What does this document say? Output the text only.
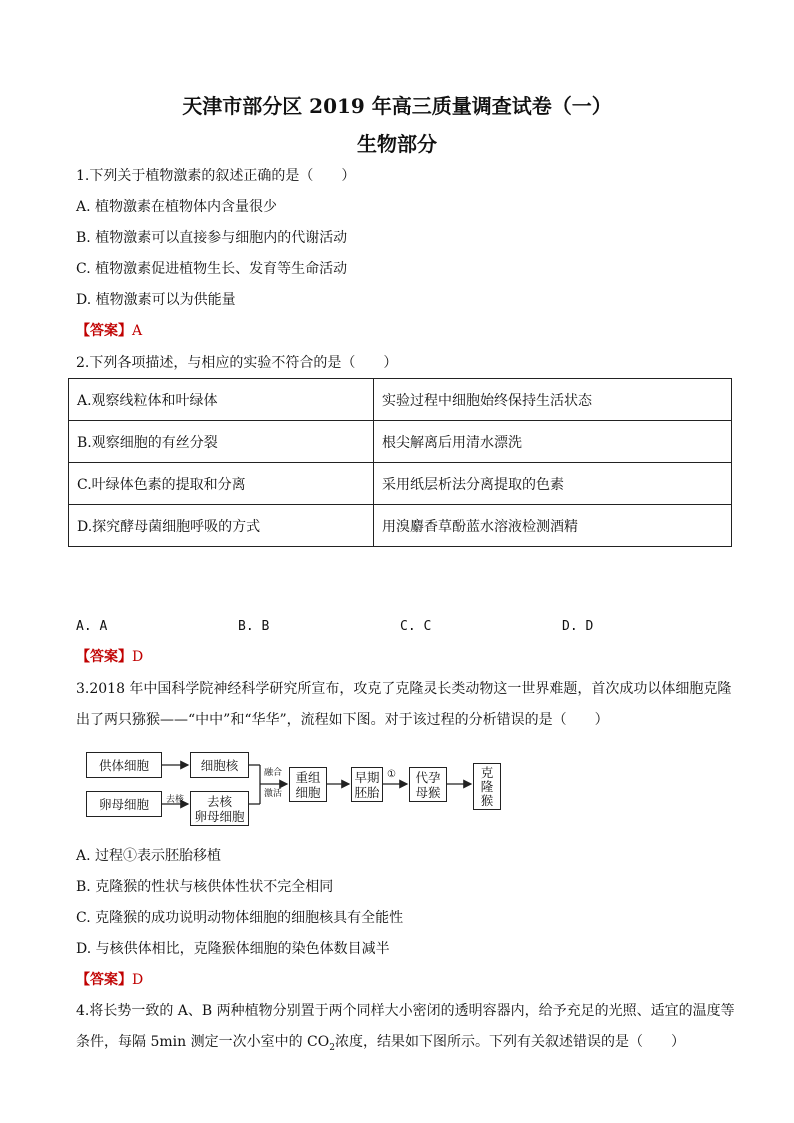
天津市部分区 2019 年高三质量调查试卷（一）
生物部分
1.下列关于植物激素的叙述正确的是（　　）
A. 植物激素在植物体内含量很少
B. 植物激素可以直接参与细胞内的代谢活动
C. 植物激素促进植物生长、发育等生命活动
D. 植物激素可以为供能量
【答案】A
2.下列各项描述，与相应的实验不符合的是（　　）
A.观察线粒体和叶绿体	实验过程中细胞始终保持生活状态
B.观察细胞的有丝分裂	根尖解离后用清水漂洗
C.叶绿体色素的提取和分离	采用纸层析法分离提取的色素
D.探究酵母菌细胞呼吸的方式	用溴麝香草酚蓝水溶液检测酒精
A. A	B. B	C. C	D. D
【答案】D
3.2018 年中国科学院神经科学研究所宣布，攻克了克隆灵长类动物这一世界难题，首次成功以体细胞克隆
出了两只猕猴——“中中”和“华华”，流程如下图。对于该过程的分析错误的是（　　）
供体细胞	细胞核
卵母细胞	去核 去核
卵母细胞
融合
激活
重组
细胞
早期
胚胎
① 代孕
母猴
克
隆
猴
A. 过程①表示胚胎移植
B. 克隆猴的性状与核供体性状不完全相同
C. 克隆猴的成功说明动物体细胞的细胞核具有全能性
D. 与核供体相比，克隆猴体细胞的染色体数目减半
【答案】D
4.将长势一致的 A、B 两种植物分别置于两个同样大小密闭的透明容器内，给予充足的光照、适宜的温度等
条件，每隔 5min 测定一次小室中的 $CO_2$浓度，结果如下图所示。下列有关叙述错误的是（　　）
